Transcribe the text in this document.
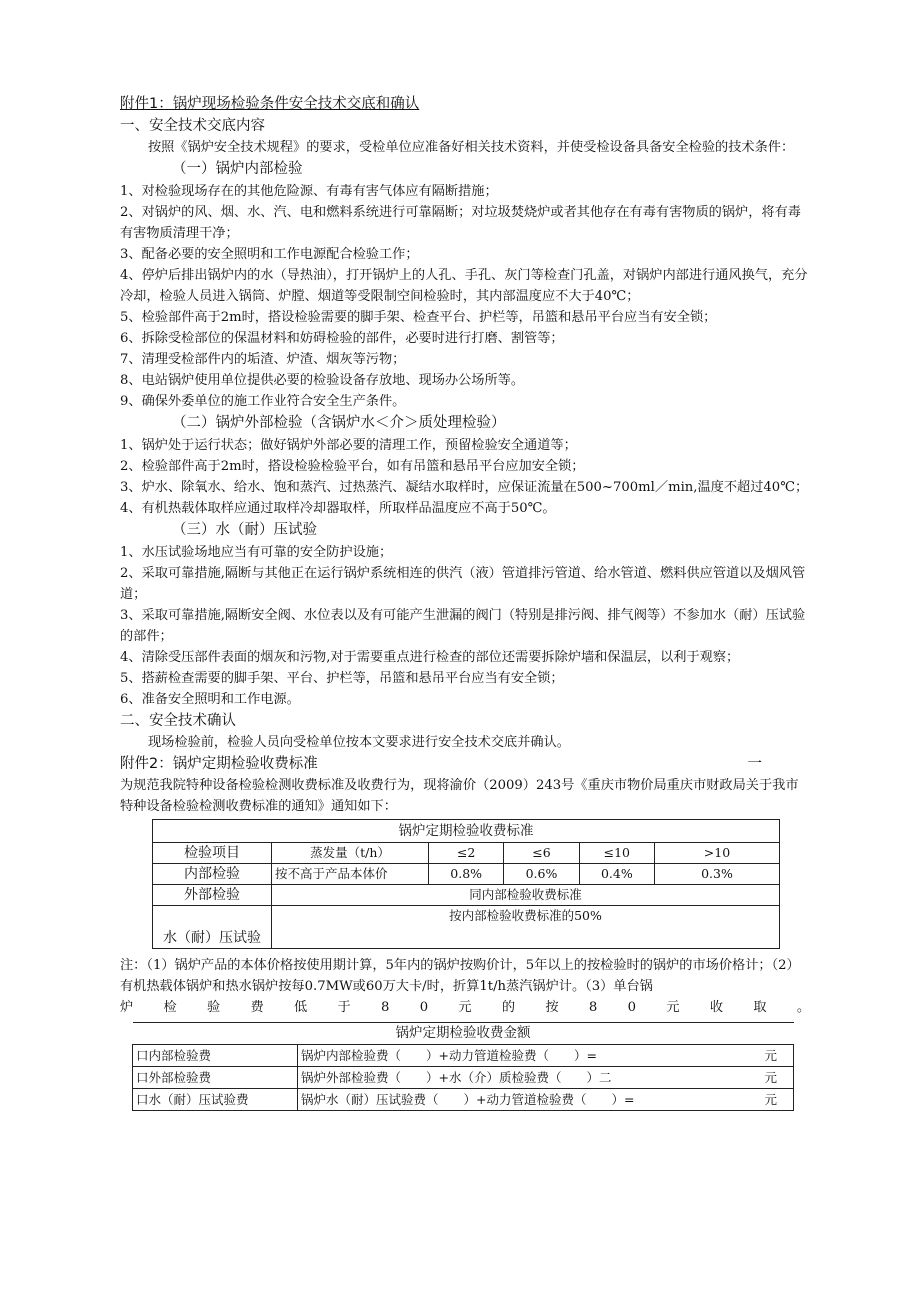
附件1：锅炉现场检验条件安全技术交底和确认
一、安全技术交底内容

按照《锅炉安全技术规程》的要求，受检单位应准备好相关技术资料，并使受检设备具备安全检验的技术条件：

（一）锅炉内部检验

1、对检验现场存在的其他危险源、有毒有害气体应有隔断措施；

2、对锅炉的风、烟、水、汽、电和燃料系统进行可靠隔断；对垃圾焚烧炉或者其他存在有毒有害物质的锅炉，将有毒有害物质清理干净；

3、配备必要的安全照明和工作电源配合检验工作；

4、停炉后排出锅炉内的水（导热油），打开锅炉上的人孔、手孔、灰门等检查门孔盖，对锅炉内部进行通风换气，充分冷却，检验人员进入锅筒、炉膛、烟道等受限制空间检验时，其内部温度应不大于40℃；

5、检验部件高于2m时，搭设检验需要的脚手架、检查平台、护栏等，吊篮和悬吊平台应当有安全锁；

6、拆除受检部位的保温材料和妨碍检验的部件，必要时进行打磨、割管等；

7、清理受检部件内的垢渣、炉渣、烟灰等污物；

8、电站锅炉使用单位提供必要的检验设备存放地、现场办公场所等。

9、确保外委单位的施工作业符合安全生产条件。

（二）锅炉外部检验（含锅炉水＜介＞质处理检验）

1、锅炉处于运行状态；做好锅炉外部必要的清理工作，预留检验安全通道等；

2、检验部件高于2m时，搭设检验检验平台，如有吊篮和悬吊平台应加安全锁；

3、炉水、除氧水、给水、饱和蒸汽、过热蒸汽、凝结水取样时，应保证流量在500~700ml／min,温度不超过40℃；

4、有机热载体取样应通过取样冷却器取样，所取样品温度应不高于50℃。

（三）水（耐）压试验

1、水压试验场地应当有可靠的安全防护设施；

2、采取可靠措施,隔断与其他正在运行锅炉系统相连的供汽（液）管道排污管道、给水管道、燃料供应管道以及烟风管道；

3、采取可靠措施,隔断安全阀、水位表以及有可能产生泄漏的阀门（特别是排污阀、排气阀等）不参加水（耐）压试验的部件；

4、清除受压部件表面的烟灰和污物,对于需要重点进行检查的部位还需要拆除炉墙和保温层，以利于观察；

5、搭薪检查需要的脚手架、平台、护栏等，吊篮和悬吊平台应当有安全锁；

6、准备安全照明和工作电源。

二、安全技术确认

现场检验前，检验人员向受检单位按本文要求进行安全技术交底并确认。

附件2：锅炉定期检验收费标准	一

为规范我院特种设备检验检测收费标准及收费行为，现将渝价（2009）243号《重庆市物价局重庆市财政局关于我市特种设备检验检测收费标准的通知》通知如下：

锅炉定期检验收费标准					
检验项目	蒸发量（t/h）	≤2	≤6	≤10	>10
内部检验	按不高于产品本体价	0.8%	0.6%	0.4%	0.3%
外部检验	同内部检验收费标准				
水（耐）压试验	按内部检验收费标准的50%				

注：（1）锅炉产品的本体价格按使用期计算，5年内的锅炉按购价计，5年以上的按检验时的锅炉的市场价格计；（2）有机热载体锅炉和热水锅炉按每0.7MW或60万大卡/时，折算1t/h蒸汽锅炉计。（3）单台锅

炉 检 验 费 低 于 8 0 元 的 按 8 0 元 收 取 。
锅炉定期检验收费金额	
口内部检验费	锅炉内部检验费（　　）+动力管道检验费（　　）= 元

口外部检验费	锅炉外部检验费（　　）+水（介）质检验费（　　）二 元

口水（耐）压试验费	锅炉水（耐）压试验费（　　）+动力管道检验费（　　）= 元
